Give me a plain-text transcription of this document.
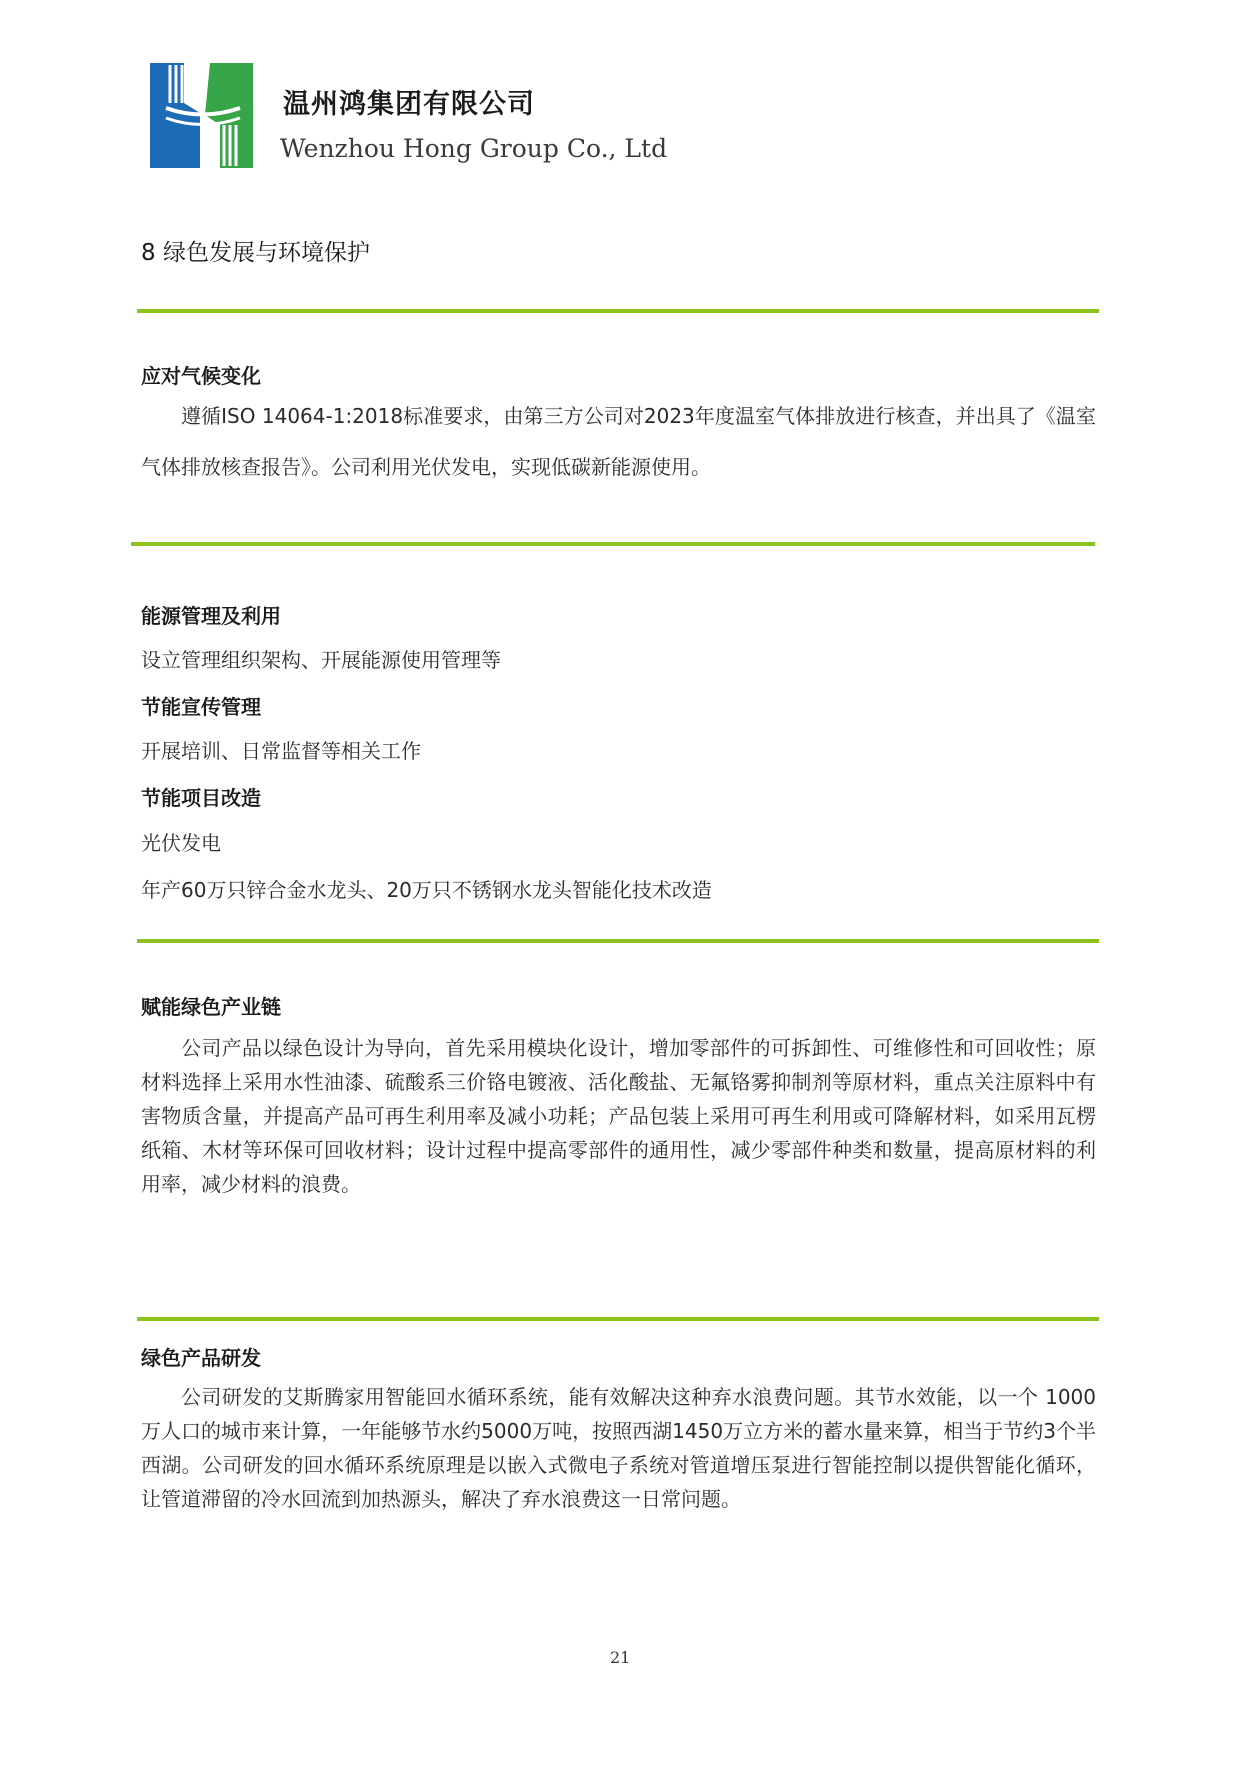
温州鸿集团有限公司
Wenzhou Hong Group Co., Ltd
8 绿色发展与环境保护
应对气候变化
遵循ISO 14064-1:2018标准要求，由第三方公司对2023年度温室气体排放进行核查，并出具了《温室气体排放核查报告》。公司利用光伏发电，实现低碳新能源使用。
能源管理及利用
设立管理组织架构、开展能源使用管理等
节能宣传管理
开展培训、日常监督等相关工作
节能项目改造
光伏发电
年产60万只锌合金水龙头、20万只不锈钢水龙头智能化技术改造
赋能绿色产业链
公司产品以绿色设计为导向，首先采用模块化设计，增加零部件的可拆卸性、可维修性和可回收性；原材料选择上采用水性油漆、硫酸系三价铬电镀液、活化酸盐、无氟铬雾抑制剂等原材料，重点关注原料中有害物质含量，并提高产品可再生利用率及减小功耗；产品包装上采用可再生利用或可降解材料，如采用瓦楞纸箱、木材等环保可回收材料；设计过程中提高零部件的通用性，减少零部件种类和数量，提高原材料的利用率，减少材料的浪费。
绿色产品研发
公司研发的艾斯腾家用智能回水循环系统，能有效解决这种弃水浪费问题。其节水效能，以一个 1000 万人口的城市来计算，一年能够节水约5000万吨，按照西湖1450万立方米的蓄水量来算，相当于节约3个半西湖。公司研发的回水循环系统原理是以嵌入式微电子系统对管道增压泵进行智能控制以提供智能化循环，让管道滞留的冷水回流到加热源头，解决了弃水浪费这一日常问题。
21
